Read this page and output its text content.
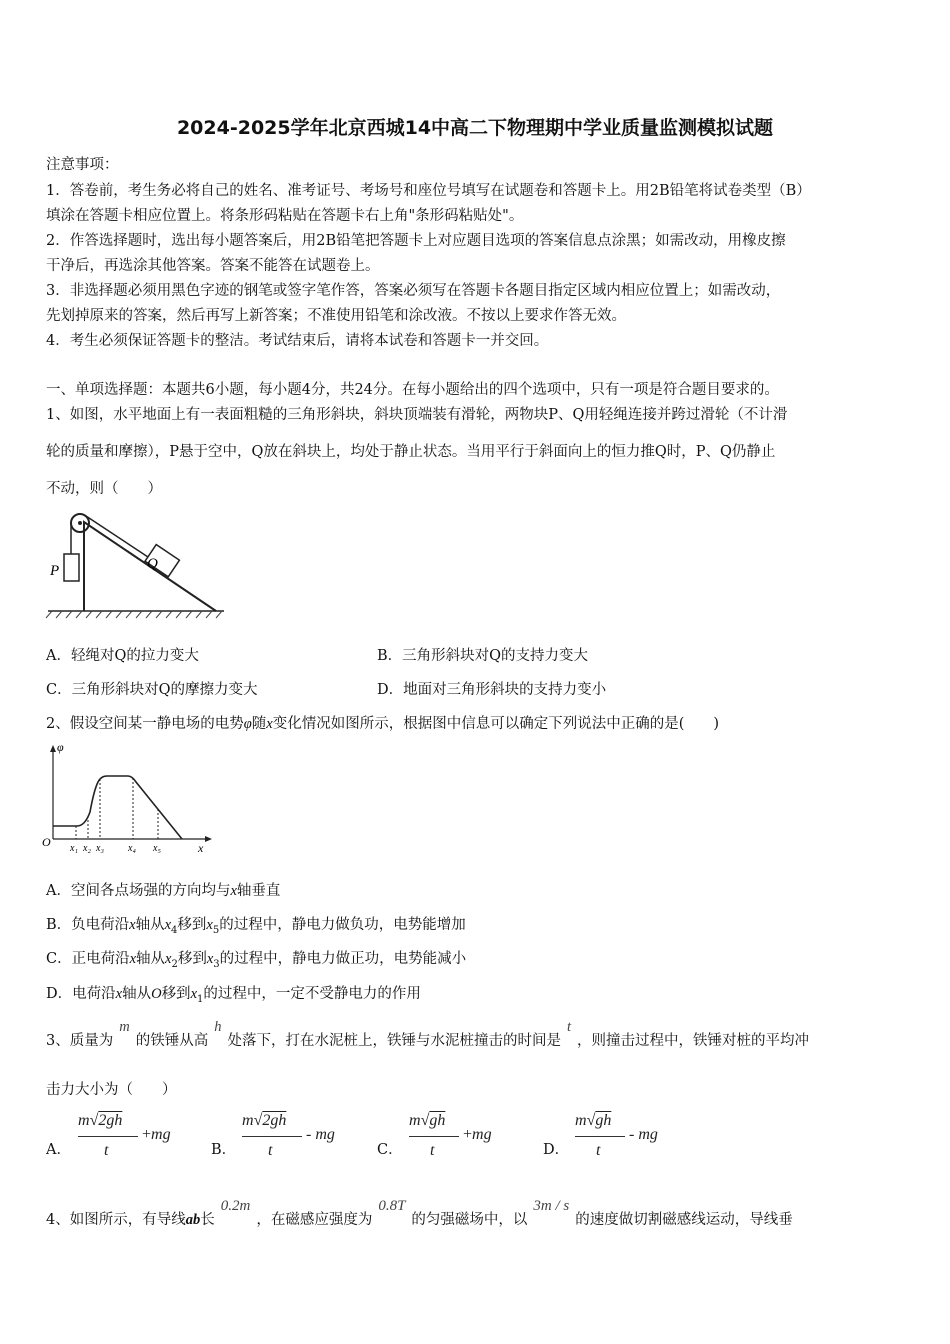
2024-2025学年北京西城14中高二下物理期中学业质量监测模拟试题
注意事项：
1．答卷前，考生务必将自己的姓名、准考证号、考场号和座位号填写在试题卷和答题卡上。用2B铅笔将试卷类型（B）
填涂在答题卡相应位置上。将条形码粘贴在答题卡右上角"条形码粘贴处"。
2．作答选择题时，选出每小题答案后，用2B铅笔把答题卡上对应题目选项的答案信息点涂黑；如需改动，用橡皮擦
干净后，再选涂其他答案。答案不能答在试题卷上。
3．非选择题必须用黑色字迹的钢笔或签字笔作答，答案必须写在答题卡各题目指定区域内相应位置上；如需改动，
先划掉原来的答案，然后再写上新答案；不准使用铅笔和涂改液。不按以上要求作答无效。
4．考生必须保证答题卡的整洁。考试结束后，请将本试卷和答题卡一并交回。
一、单项选择题：本题共6小题，每小题4分，共24分。在每小题给出的四个选项中，只有一项是符合题目要求的。
1、如图，水平地面上有一表面粗糙的三角形斜块，斜块顶端装有滑轮，两物块P、Q用轻绳连接并跨过滑轮（不计滑
轮的质量和摩擦），P悬于空中，Q放在斜块上，均处于静止状态。当用平行于斜面向上的恒力推Q时，P、Q仍静止
不动，则（　　）
P	Q
A．轻绳对Q的拉力变大	B．三角形斜块对Q的支持力变大
C．三角形斜块对Q的摩擦力变大	D．地面对三角形斜块的支持力变小
2、假设空间某一静电场的电势φ随x变化情况如图所示，根据图中信息可以确定下列说法中正确的是(　　)
φ
O	x
x₁ x₂ x₃ x₄ x₅
A．空间各点场强的方向均与x轴垂直
B．负电荷沿x轴从$x_4$移到$x_5$的过程中，静电力做负功，电势能增加
C．正电荷沿x轴从$x_2$移到$x_3$的过程中，静电力做正功，电势能减小
D．电荷沿x轴从O移到$x_1$的过程中，一定不受静电力的作用
3、质量为m的铁锤从高h处落下，打在水泥桩上，铁锤与水泥桩撞击的时间是t，则撞击过程中，铁锤对桩的平均冲
击力大小为（　　）
A．
m√2gh
t
+mg
B．
m√2gh
t
- mg
C．
m√gh
t
+mg
D．
m√gh
t
- mg
4、如图所示，有导线ab长0.2m，在磁感应强度为0.8T的匀强磁场中，以3m / s的速度做切割磁感线运动，导线垂
